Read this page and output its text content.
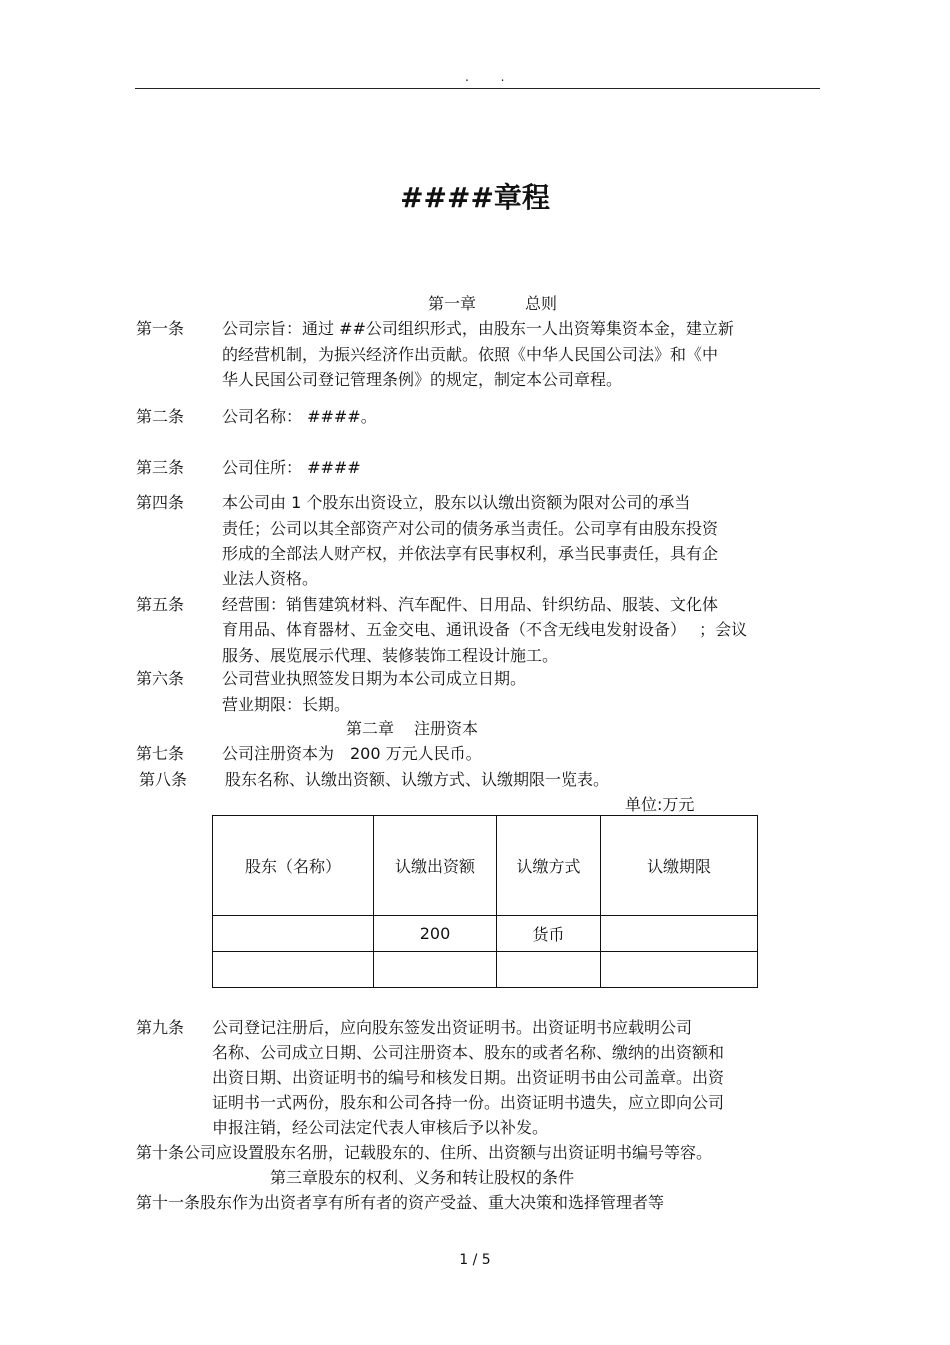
. .
####章程
第一章	总则
第一条 公司宗旨：通过 ##公司组织形式，由股东一人出资筹集资本金，建立新
的经营机制，为振兴经济作出贡献。依照《中华人民国公司法》和《中
华人民国公司登记管理条例》的规定，制定本公司章程。
第二条 公司名称： ####。
第三条 公司住所： ####
第四条 本公司由 1 个股东出资设立，股东以认缴出资额为限对公司的承当
责任；公司以其全部资产对公司的债务承当责任。公司享有由股东投资
形成的全部法人财产权，并依法享有民事权利，承当民事责任，具有企
业法人资格。
第五条 经营围：销售建筑材料、汽车配件、日用品、针织纺品、服装、文化体
育用品、体育器材、五金交电、通讯设备（不含无线电发射设备）　 ；会议
服务、展览展示代理、装修装饰工程设计施工。
第六条 公司营业执照签发日期为本公司成立日期。
营业期限：长期。
第二章 注册资本
第七条 公司注册资本为　200 万元人民币。
第八条 股东名称、认缴出资额、认缴方式、认缴期限一览表。
单位:万元
股东（名称）	认缴出资额	认缴方式	认缴期限
	200	货币	

第九条 公司登记注册后，应向股东签发出资证明书。出资证明书应载明公司
名称、公司成立日期、公司注册资本、股东的或者名称、缴纳的出资额和
出资日期、出资证明书的编号和核发日期。出资证明书由公司盖章。出资
证明书一式两份，股东和公司各持一份。出资证明书遗失，应立即向公司
申报注销，经公司法定代表人审核后予以补发。
第十条公司应设置股东名册，记载股东的、住所、出资额与出资证明书编号等容。
第三章股东的权利、义务和转让股权的条件
第十一条股东作为出资者享有所有者的资产受益、重大决策和选择管理者等
1 / 5
